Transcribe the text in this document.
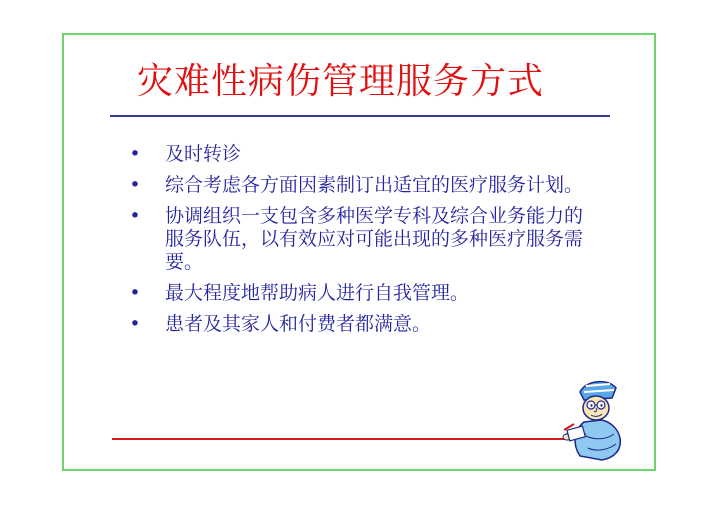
灾难性病伤管理服务方式
• 及时转诊
• 综合考虑各方面因素制订出适宜的医疗服务计划。
• 协调组织一支包含多种医学专科及综合业务能力的服务队伍，以有效应对可能出现的多种医疗服务需要。
• 最大程度地帮助病人进行自我管理。
• 患者及其家人和付费者都满意。
